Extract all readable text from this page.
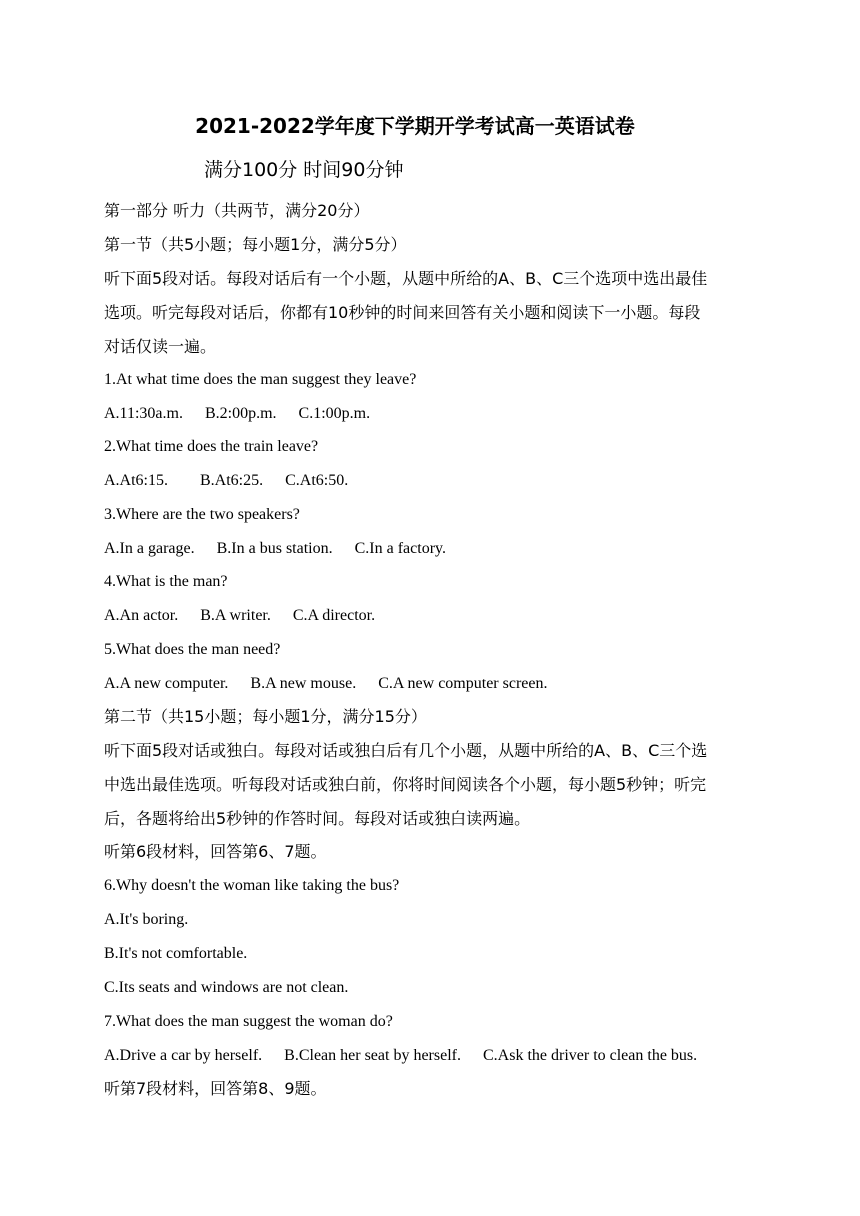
2021-2022学年度下学期开学考试高一英语试卷
满分100分 时间90分钟
第一部分 听力（共两节，满分20分）
第一节（共5小题；每小题1分，满分5分）
听下面5段对话。每段对话后有一个小题，从题中所给的A、B、C三个选项中选出最佳
选项。听完每段对话后，你都有10秒钟的时间来回答有关小题和阅读下一小题。每段
对话仅读一遍。
1.At what time does the man suggest they leave?
A.11:30a.m. B.2:00p.m. C.1:00p.m.
2.What time does the train leave?
A.At6:15. B.At6:25. C.At6:50.
3.Where are the two speakers?
A.In a garage. B.In a bus station. C.In a factory.
4.What is the man?
A.An actor. B.A writer. C.A director.
5.What does the man need?
A.A new computer. B.A new mouse. C.A new computer screen.
第二节（共15小题；每小题1分，满分15分）
听下面5段对话或独白。每段对话或独白后有几个小题，从题中所给的A、B、C三个选
中选出最佳选项。听每段对话或独白前，你将时间阅读各个小题，每小题5秒钟；听完
后，各题将给出5秒钟的作答时间。每段对话或独白读两遍。
听第6段材料，回答第6、7题。
6.Why doesn't the woman like taking the bus?
A.It's boring.
B.It's not comfortable.
C.Its seats and windows are not clean.
7.What does the man suggest the woman do?
A.Drive a car by herself. B.Clean her seat by herself. C.Ask the driver to clean the bus.
听第7段材料，回答第8、9题。
